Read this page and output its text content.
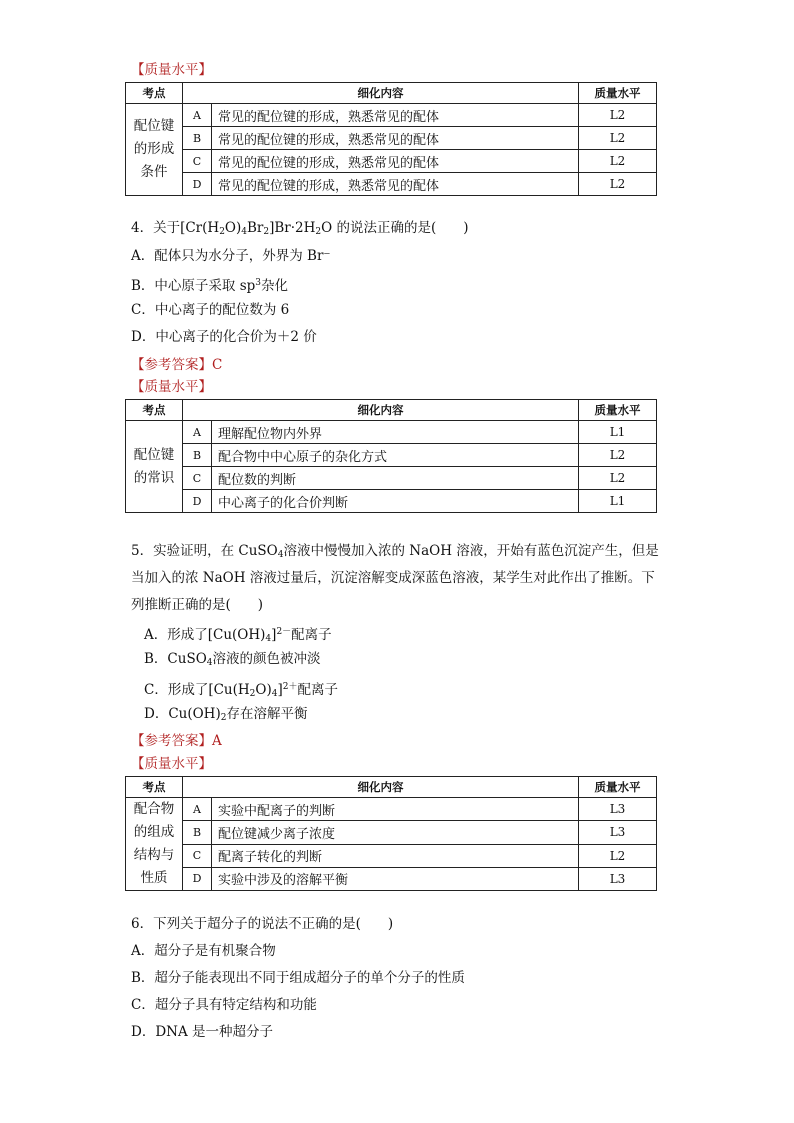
【质量水平】
考点	细化内容		质量水平

配位键
的形成
条件	A	常见的配位键的形成，熟悉常见的配体	L2
	B	常见的配位键的形成，熟悉常见的配体	L2
	C	常见的配位键的形成，熟悉常见的配体	L2
	D	常见的配位键的形成，熟悉常见的配体	L2
4．关于$[Cr(H_2O)_4Br_2]Br\cdot 2H_2O$ 的说法正确的是(　　)
A．配体只为水分子，外界为 Br⁻
B．中心原子采取 $sp^3$杂化
C．中心离子的配位数为 6
D．中心离子的化合价为＋2 价
【参考答案】C
【质量水平】
考点	细化内容		质量水平

配位键
的常识	A	理解配位物内外界	L1
	B	配合物中中心原子的杂化方式	L2
	C	配位数的判断	L2
	D	中心离子的化合价判断	L1
5．实验证明，在 CuSO$_4$溶液中慢慢加入浓的 NaOH 溶液，开始有蓝色沉淀产生，但是
当加入的浓 NaOH 溶液过量后，沉淀溶解变成深蓝色溶液，某学生对此作出了推断。下
列推断正确的是(　　)
A．形成了$[Cu(OH)_4]^{2-}$配离子
B．CuSO$_4$溶液的颜色被冲淡
C．形成了$[Cu(H_2O)_4]^{2+}$配离子
D．$Cu(OH)_2$存在溶解平衡
【参考答案】A
【质量水平】
考点	细化内容		质量水平

配合物
的组成
结构与
性质	A	实验中配离子的判断	L3
	B	配位键减少离子浓度	L3
	C	配离子转化的判断	L2
	D	实验中涉及的溶解平衡	L3
6．下列关于超分子的说法不正确的是(　　)
A．超分子是有机聚合物
B．超分子能表现出不同于组成超分子的单个分子的性质
C．超分子具有特定结构和功能
D．DNA 是一种超分子
